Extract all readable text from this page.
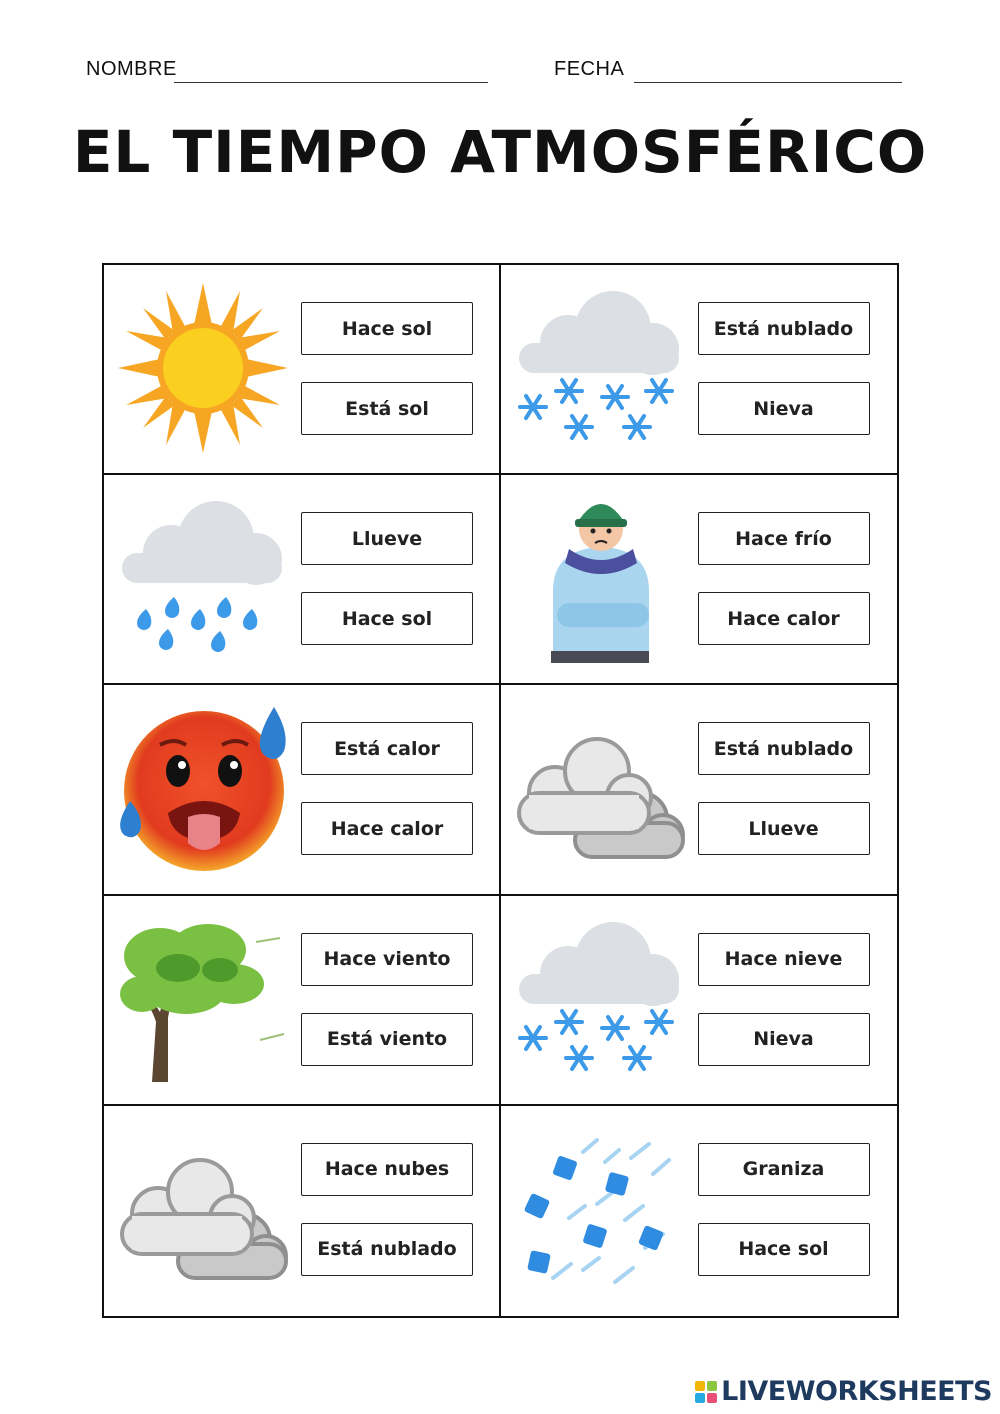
NOMBRE	FECHA
EL TIEMPO ATMOSFÉRICO
Hace sol
Está sol
Está nublado
Nieva
Llueve
Hace sol
Hace frío
Hace calor
Está calor
Hace calor
Está nublado
Llueve
Hace viento
Está viento
Hace nieve
Nieva
Hace nubes
Está nublado
Graniza
Hace sol
LIVEWORKSHEETS
